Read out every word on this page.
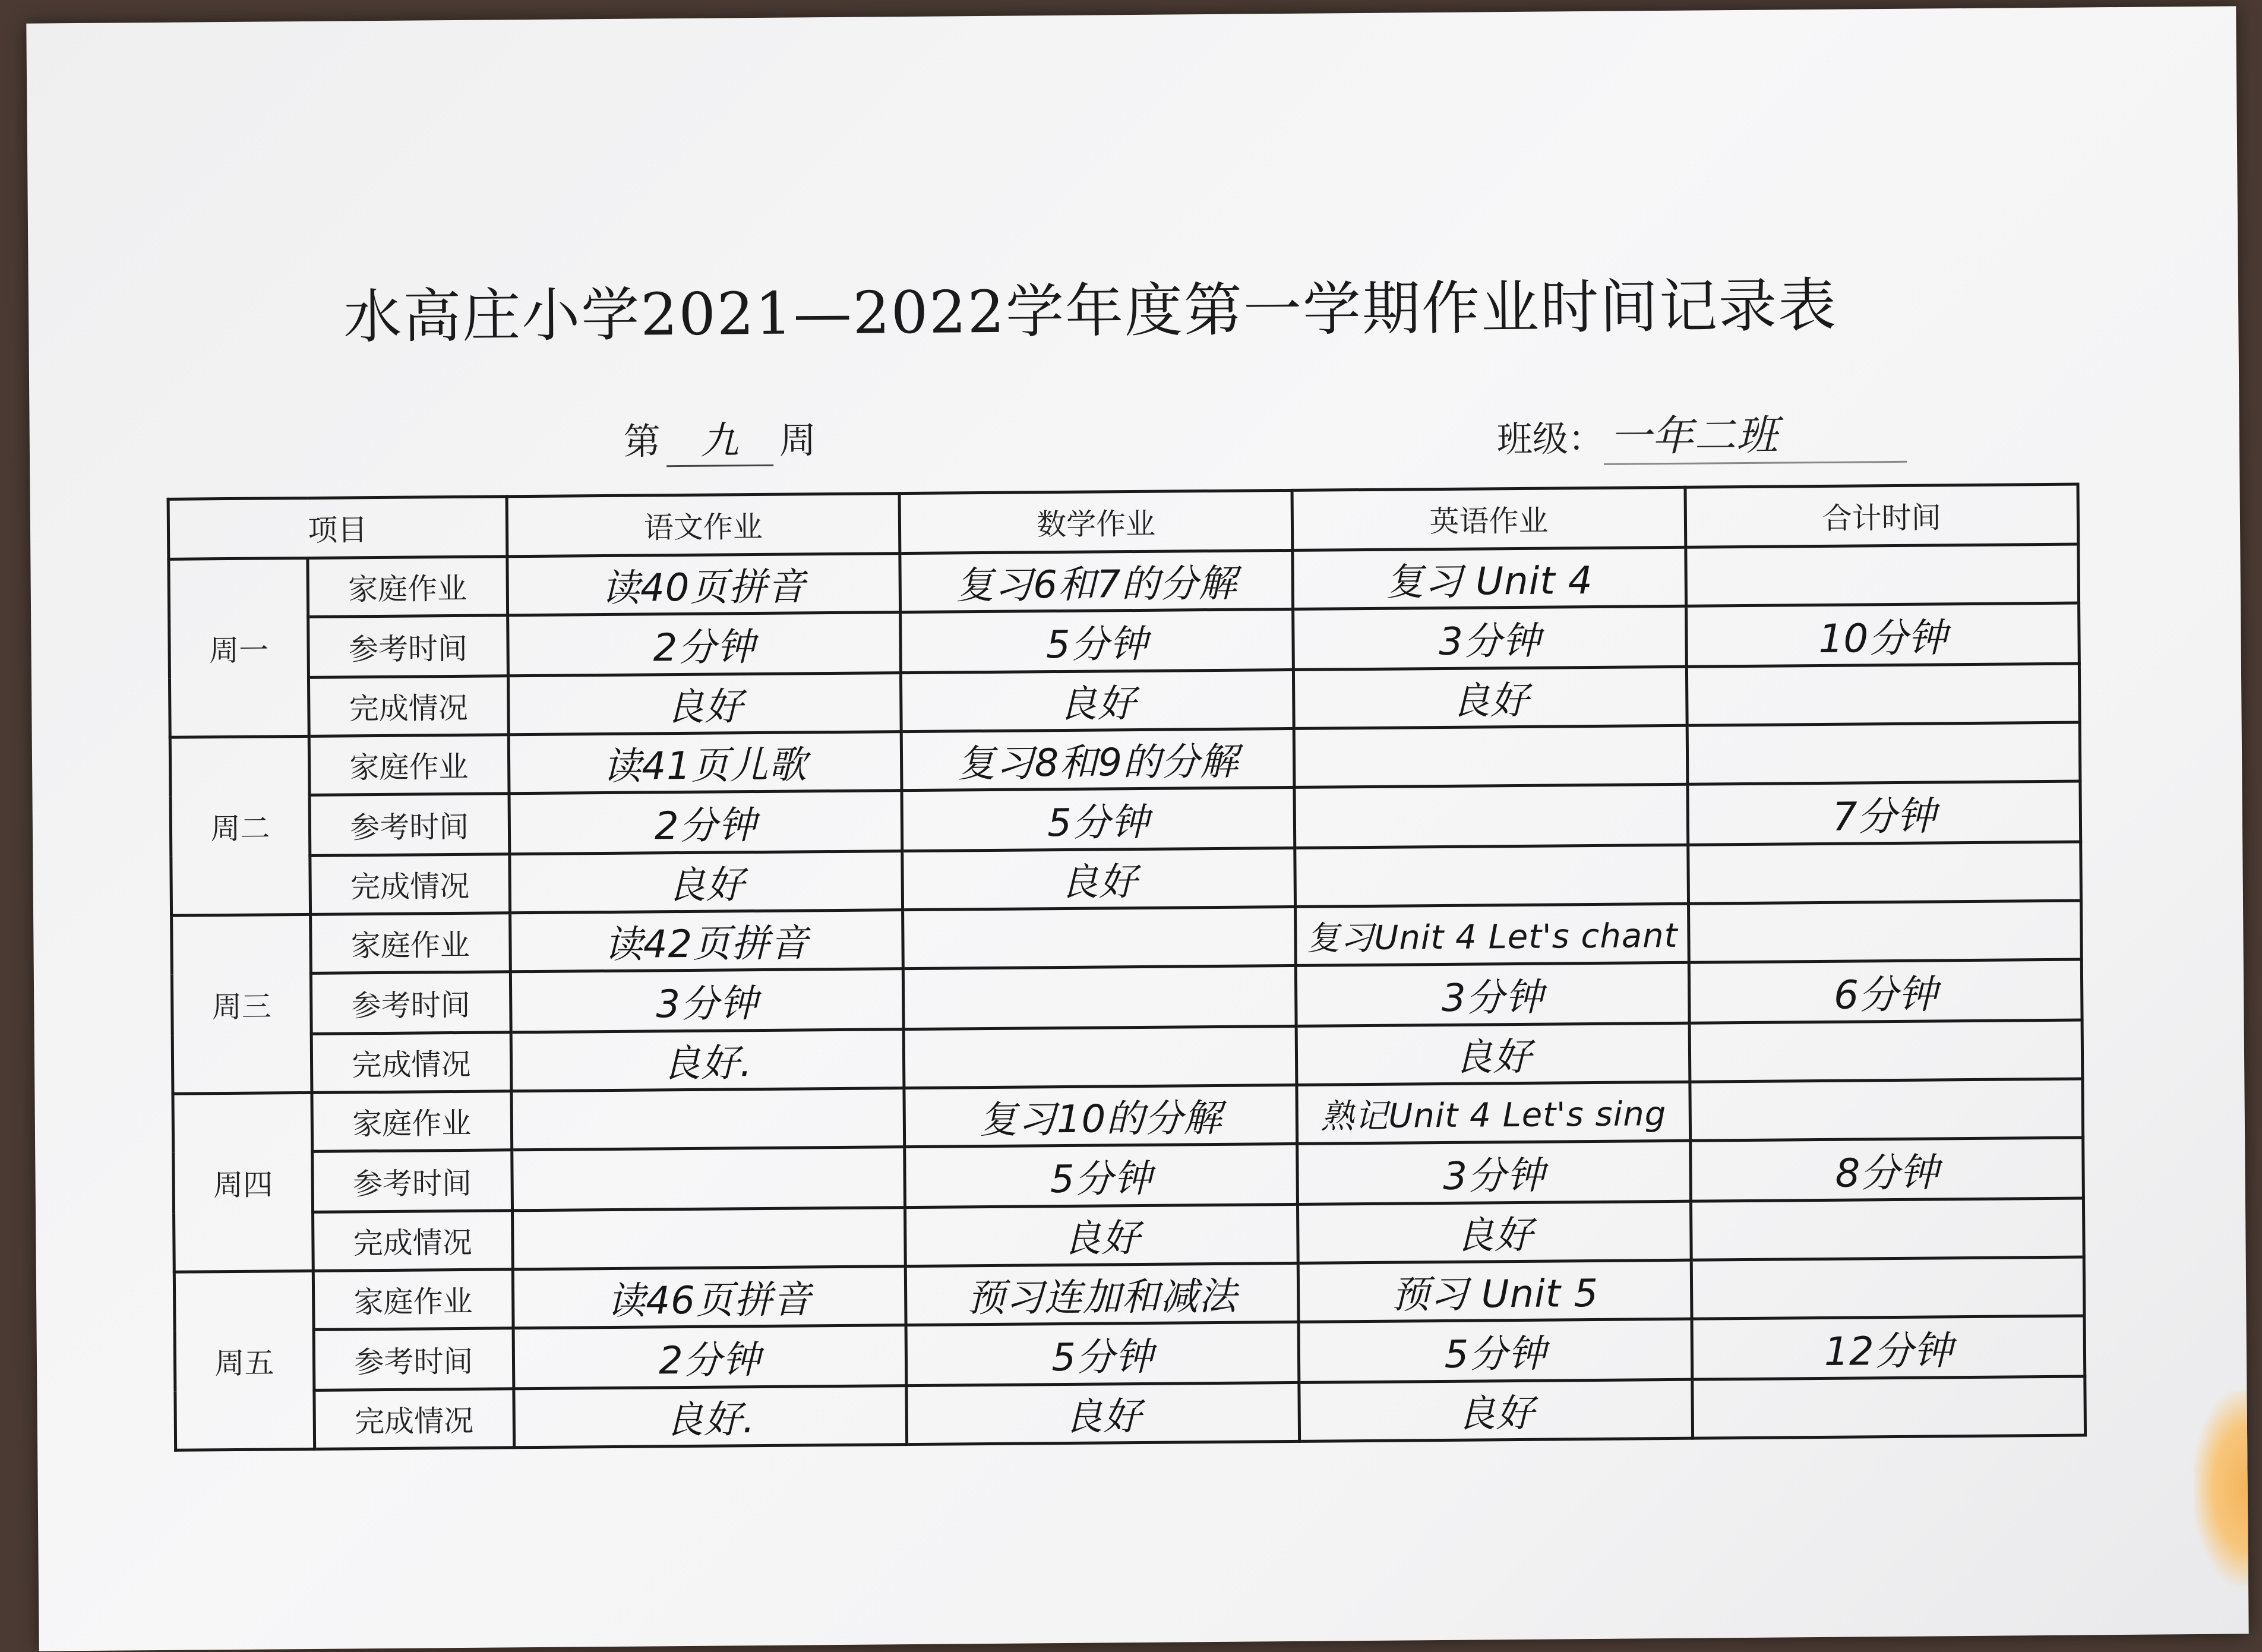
水高庄小学2021—2022学年度第一学期作业时间记录表
第 九 周	班级： 一年二班
项目		语文作业	数学作业	英语作业	合计时间
周一	家庭作业	读40页拼音	复习6和7的分解	复习 Unit 4	
	参考时间	2分钟	5分钟	3分钟	10分钟
	完成情况	良好	良好	良好	
周二	家庭作业	读41页儿歌	复习8和9的分解		
	参考时间	2分钟	5分钟		7分钟
	完成情况	良好	良好		
周三	家庭作业	读42页拼音		复习Unit 4 Let's chant	
	参考时间	3分钟		3分钟	6分钟
	完成情况	良好.		良好	
周四	家庭作业		复习10的分解	熟记Unit 4 Let's sing	
	参考时间		5分钟	3分钟	8分钟
	完成情况		良好	良好	
周五	家庭作业	读46页拼音	预习连加和减法	预习 Unit 5	
	参考时间	2分钟	5分钟	5分钟	12分钟
	完成情况	良好.	良好	良好	
